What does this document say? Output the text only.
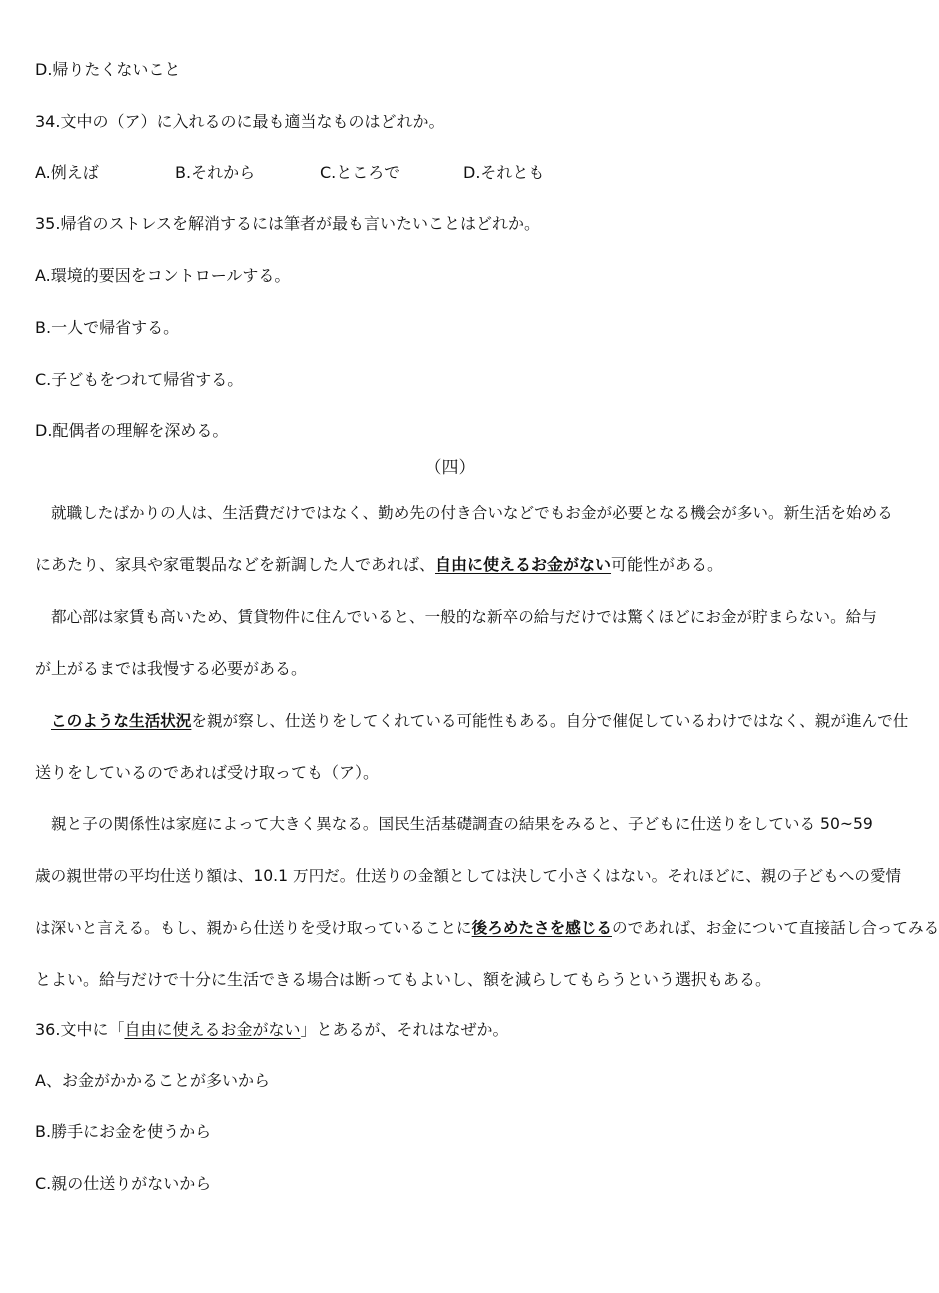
D.帰りたくないこと

34.文中の（ア）に入れるのに最も適当なものはどれか。

A.例えば	B.それから	C.ところで	D.それとも

35.帰省のストレスを解消するには筆者が最も言いたいことはどれか。

A.環境的要因をコントロールする。

B.一人で帰省する。

C.子どもをつれて帰省する。

D.配偶者の理解を深める。

（四）

就職したばかりの人は、生活費だけではなく、勤め先の付き合いなどでもお金が必要となる機会が多い。新生活を始める

にあたり、家具や家電製品などを新調した人であれば、自由に使えるお金がない可能性がある。

都心部は家賃も高いため、賃貸物件に住んでいると、一般的な新卒の給与だけでは驚くほどにお金が貯まらない。給与

が上がるまでは我慢する必要がある。

このような生活状況を親が察し、仕送りをしてくれている可能性もある。自分で催促しているわけではなく、親が進んで仕

送りをしているのであれば受け取っても（ア）。

親と子の関係性は家庭によって大きく異なる。国民生活基礎調査の結果をみると、子どもに仕送りをしている 50~59

歳の親世帯の平均仕送り額は、10.1 万円だ。仕送りの金額としては決して小さくはない。それほどに、親の子どもへの愛情

は深いと言える。もし、親から仕送りを受け取っていることに後ろめたさを感じるのであれば、お金について直接話し合ってみる

とよい。給与だけで十分に生活できる場合は断ってもよいし、額を減らしてもらうという選択もある。

36.文中に「自由に使えるお金がない」とあるが、それはなぜか。

A、お金がかかることが多いから

B.勝手にお金を使うから

C.親の仕送りがないから
